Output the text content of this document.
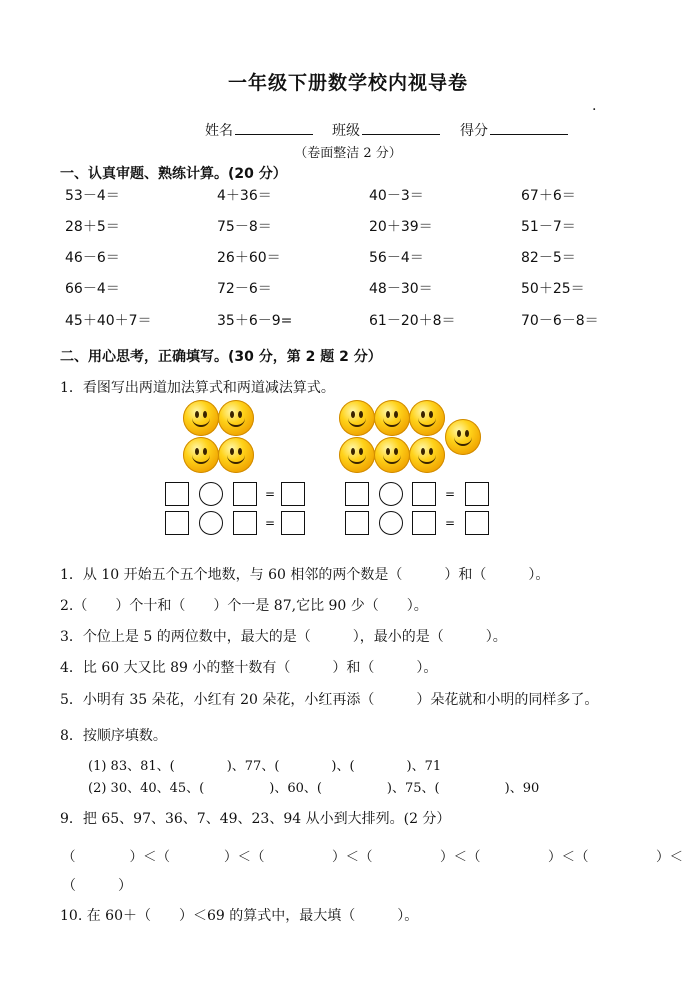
一年级下册数学校内视导卷
.
姓名	班级	得分
（卷面整洁 2 分）
一、认真审题、熟练计算。(20 分）
53－4＝	4＋36＝	40－3＝	67＋6＝
28＋5＝	75－8＝	20＋39＝	51－7＝
46－6＝	26＋60＝	56－4＝	82－5＝
66－4＝	72－6＝	48－30＝	50＋25＝
45＋40＋7＝	35＋6－9=	61－20＋8＝	70－6－8＝
二、用心思考，正确填写。(30 分，第 2 题 2 分）
1．看图写出两道加法算式和两道减法算式。
=
=
=
=
1．从 10 开始五个五个地数，与 60 相邻的两个数是（　　　）和（　　　）。
2.（　　）个十和（　　）个一是 87,它比 90 少（　　）。
3．个位上是 5 的两位数中，最大的是（　　　），最小的是（　　　）。
4．比 60 大又比 89 小的整十数有（　　　）和（　　　）。
5．小明有 35 朵花，小红有 20 朵花，小红再添（　　　）朵花就和小明的同样多了。
8．按顺序填数。
(1) 83、81、(　　　　)、77、(　　　　)、(　　　　)、71
(2) 30、40、45、(　　　　　)、60、(　　　　　)、75、(　　　　　)、90
9．把 65、97、36、7、49、23、94 从小到大排列。(2 分）
（　　　　）＜（　　　　）＜（　　　　　）＜（　　　　　）＜（　　　　　）＜（　　　　　）＜
（　　　）
10. 在 60＋（　　）＜69 的算式中，最大填（　　　）。
